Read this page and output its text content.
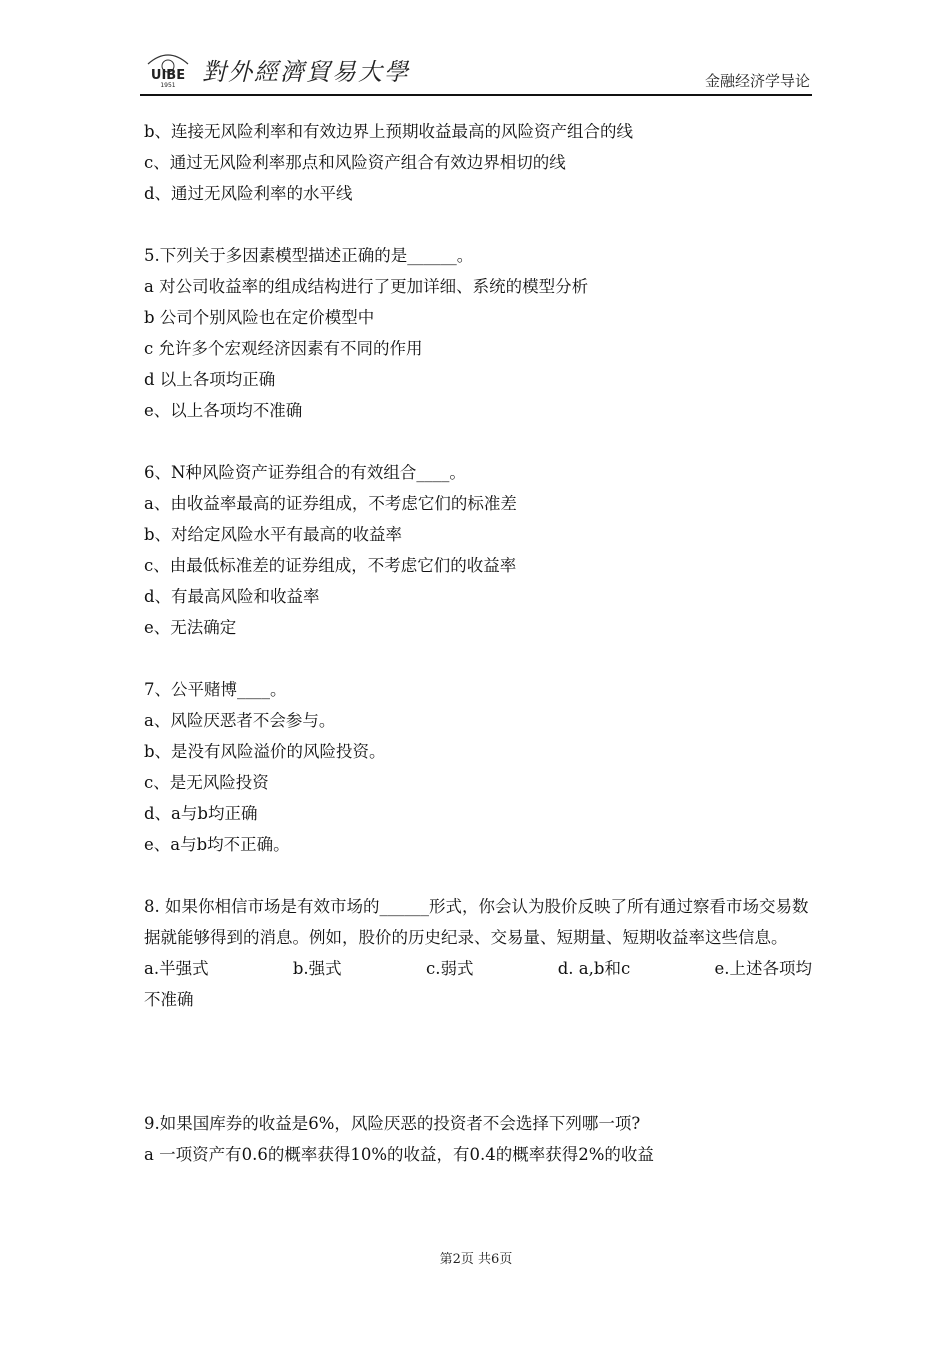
UIBE
1951 對外經濟貿易大學	金融经济学导论
b、连接无风险利率和有效边界上预期收益最高的风险资产组合的线
c、通过无风险利率那点和风险资产组合有效边界相切的线
d、通过无风险利率的水平线
5.下列关于多因素模型描述正确的是______。
a 对公司收益率的组成结构进行了更加详细、系统的模型分析
b 公司个别风险也在定价模型中
c 允许多个宏观经济因素有不同的作用
d 以上各项均正确
e、以上各项均不准确
6、N种风险资产证券组合的有效组合____。
a、由收益率最高的证券组成，不考虑它们的标准差
b、对给定风险水平有最高的收益率
c、由最低标准差的证券组成，不考虑它们的收益率
d、有最高风险和收益率
e、无法确定
7、公平赌博____。
a、风险厌恶者不会参与。
b、是没有风险溢价的风险投资。
c、是无风险投资
d、a与b均正确
e、a与b均不正确。
8. 如果你相信市场是有效市场的______形式，你会认为股价反映了所有通过察看市场交易数据就能够得到的消息。例如，股价的历史纪录、交易量、短期量、短期收益率这些信息。
a.半强式	b.强式	c.弱式	d. a,b和c	e.上述各项均
不准确
9.如果国库券的收益是6%，风险厌恶的投资者不会选择下列哪一项?
a 一项资产有0.6的概率获得10%的收益，有0.4的概率获得2%的收益
第2页 共6页
